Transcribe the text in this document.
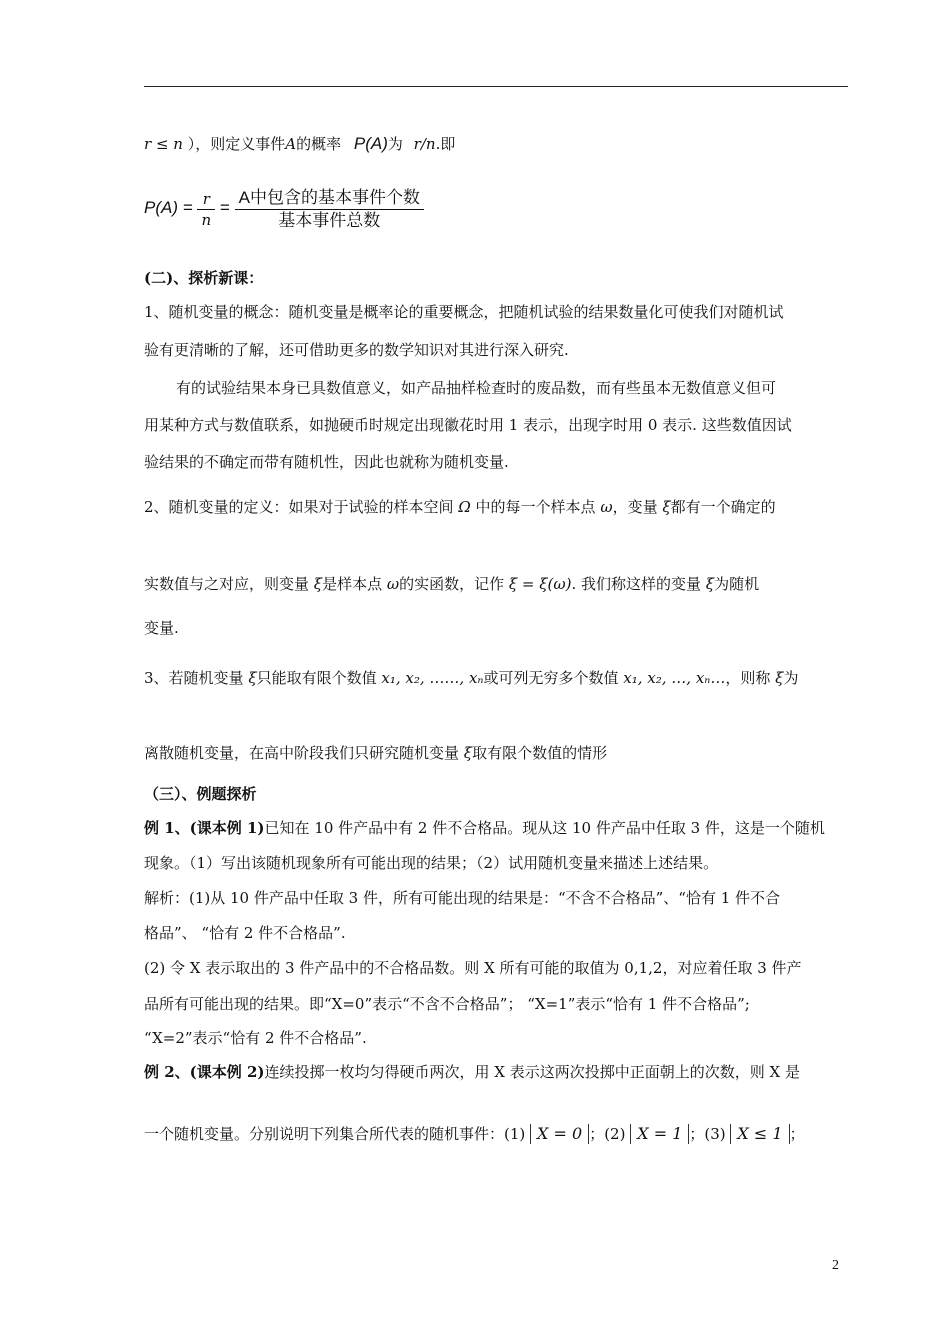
r ≤ n ），则定义事件A的概率 P(A)为 r/n.即
$P(A) = \frac{r}{n} = \frac{\text{A中包含的基本事件个数}}{\text{基本事件总数}}$
(二)、探析新课：
1、随机变量的概念：随机变量是概率论的重要概念，把随机试验的结果数量化可使我们对随机试
验有更清晰的了解，还可借助更多的数学知识对其进行深入研究.
有的试验结果本身已具数值意义，如产品抽样检查时的废品数，而有些虽本无数值意义但可
用某种方式与数值联系，如抛硬币时规定出现徽花时用 1 表示，出现字时用 0 表示. 这些数值因试
验结果的不确定而带有随机性，因此也就称为随机变量.
2、随机变量的定义：如果对于试验的样本空间 Ω 中的每一个样本点 ω，变量 ξ都有一个确定的
实数值与之对应，则变量 ξ是样本点 ω的实函数，记作 ξ = ξ(ω). 我们称这样的变量 ξ为随机
变量.
3、若随机变量 ξ只能取有限个数值 x₁, x₂, ……, xₙ或可列无穷多个数值 x₁, x₂, …, xₙ…，则称 ξ为
离散随机变量，在高中阶段我们只研究随机变量 ξ取有限个数值的情形
（三）、例题探析
例 1、(课本例 1)已知在 10 件产品中有 2 件不合格品。现从这 10 件产品中任取 3 件，这是一个随机
现象。（1）写出该随机现象所有可能出现的结果；（2）试用随机变量来描述上述结果。
解析：(1)从 10 件产品中任取 3 件，所有可能出现的结果是：“不含不合格品”、“恰有 1 件不合
格品”、 “恰有 2 件不合格品”.
(2) 令 X 表示取出的 3 件产品中的不合格品数。则 X 所有可能的取值为 0,1,2，对应着任取 3 件产
品所有可能出现的结果。即“X=0”表示“不含不合格品”； “X=1”表示“恰有 1 件不合格品”;
“X=2”表示“恰有 2 件不合格品”.
例 2、(课本例 2)连续投掷一枚均匀得硬币两次，用 X 表示这两次投掷中正面朝上的次数，则 X 是
一个随机变量。分别说明下列集合所代表的随机事件：(1) X = 0 ；(2) X = 1 ；(3) X ≤ 1 ；
2
